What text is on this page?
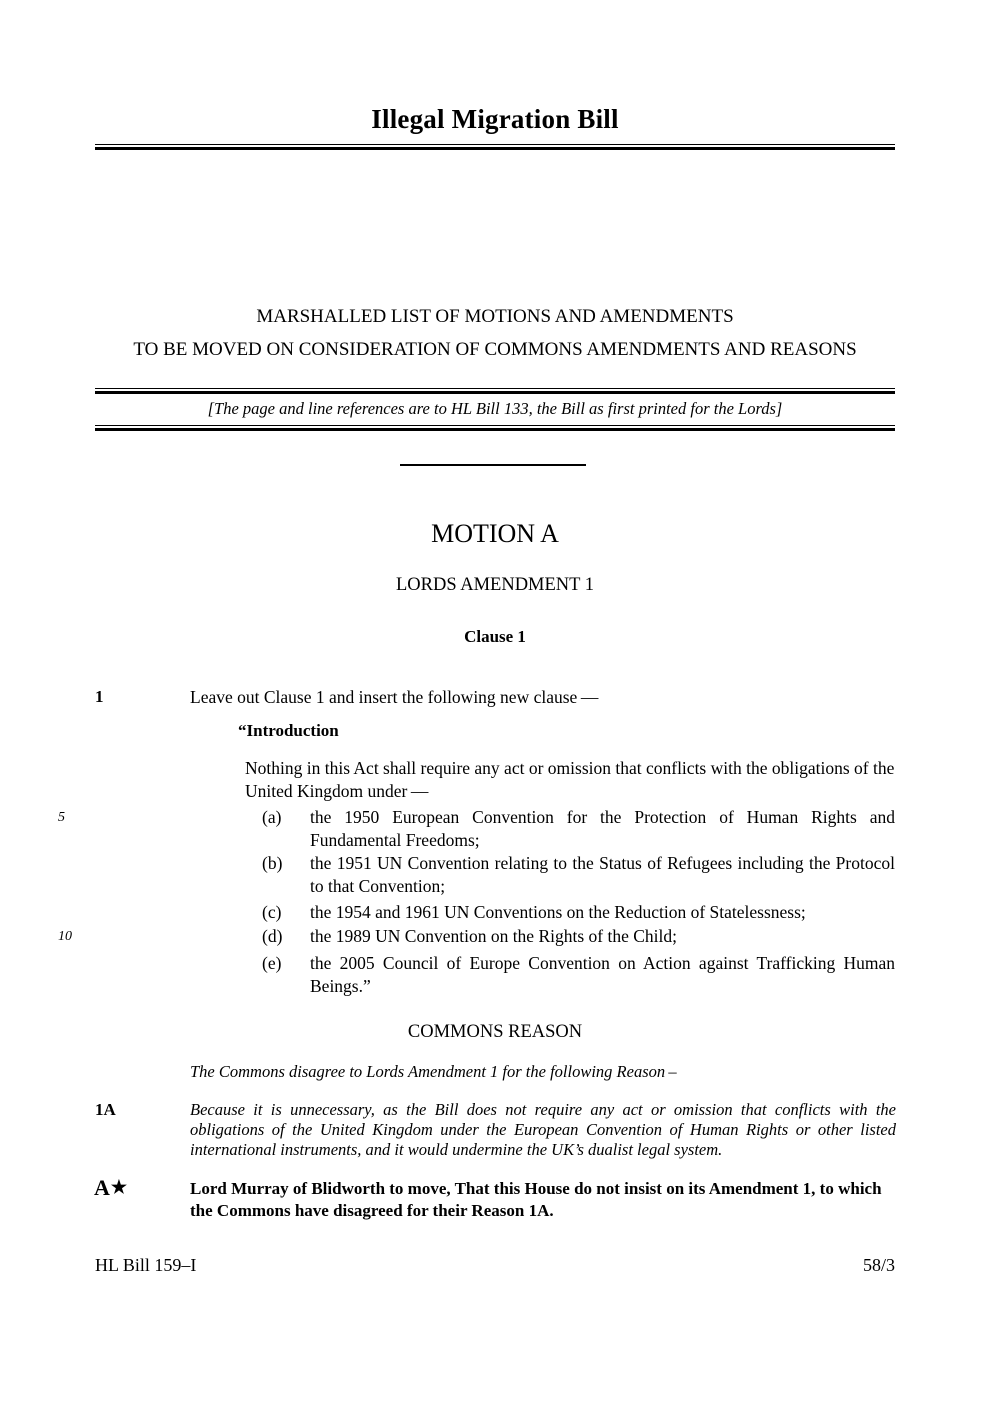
Illegal Migration Bill
MARSHALLED LIST OF MOTIONS AND AMENDMENTS
TO BE MOVED ON CONSIDERATION OF COMMONS AMENDMENTS AND REASONS
[The page and line references are to HL Bill 133, the Bill as first printed for the Lords]
MOTION A
LORDS AMENDMENT 1
Clause 1
1	Leave out Clause 1 and insert the following new clause —
“Introduction
Nothing in this Act shall require any act or omission that conflicts with the obligations of the United Kingdom under —
5
10
(a)	the 1950 European Convention for the Protection of Human Rights and Fundamental Freedoms;
(b)	the 1951 UN Convention relating to the Status of Refugees including the Protocol to that Convention;
(c)	the 1954 and 1961 UN Conventions on the Reduction of Statelessness;
(d)	the 1989 UN Convention on the Rights of the Child;
(e)	the 2005 Council of Europe Convention on Action against Trafficking Human Beings.”
COMMONS REASON
The Commons disagree to Lords Amendment 1 for the following Reason –
1A	Because it is unnecessary, as the Bill does not require any act or omission that conflicts with the obligations of the United Kingdom under the European Convention of Human Rights or other listed international instruments, and it would undermine the UK’s dualist legal system.
A★	Lord Murray of Blidworth to move, That this House do not insist on its Amendment 1, to which the Commons have disagreed for their Reason 1A.
HL Bill 159–I	58/3
